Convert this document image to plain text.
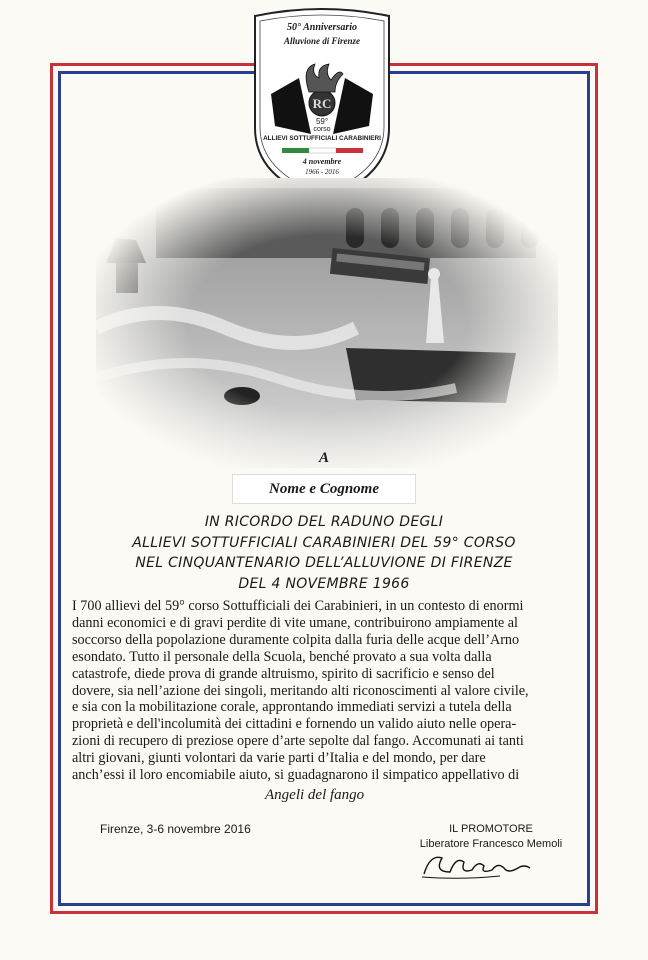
RC
50° Anniversario
Alluvione di Firenze
59°
corso
ALLIEVI SOTTUFFICIALI CARABINIERI
4 novembre
1966 - 2016
A
Nome e Cognome
IN RICORDO DEL RADUNO DEGLI
ALLIEVI SOTTUFFICIALI CARABINIERI DEL 59° CORSO
NEL CINQUANTENARIO DELL’ALLUVIONE DI FIRENZE
DEL 4 NOVEMBRE 1966
I 700 allievi del 59° corso Sottufficiali dei Carabinieri, in un contesto di enormi
danni economici e di gravi perdite di vite umane, contribuirono ampiamente al
soccorso della popolazione duramente colpita dalla furia delle acque dell’Arno
esondato. Tutto il personale della Scuola, benché provato a sua volta dalla
catastrofe, diede prova di grande altruismo, spirito di sacrificio e senso del
dovere, sia nell’azione dei singoli, meritando alti riconoscimenti al valore civile,
e sia con la mobilitazione corale, approntando immediati servizi a tutela della
proprietà e dell'incolumità dei cittadini e fornendo un valido aiuto nelle opera-
zioni di recupero di preziose opere d’arte sepolte dal fango. Accomunati ai tanti
altri giovani, giunti volontari da varie parti d’Italia e del mondo, per dare
anch’essi il loro encomiabile aiuto, si guadagnarono il simpatico appellativo di
Angeli del fango
Firenze, 3-6 novembre 2016	IL PROMOTORE
Liberatore Francesco Memoli
